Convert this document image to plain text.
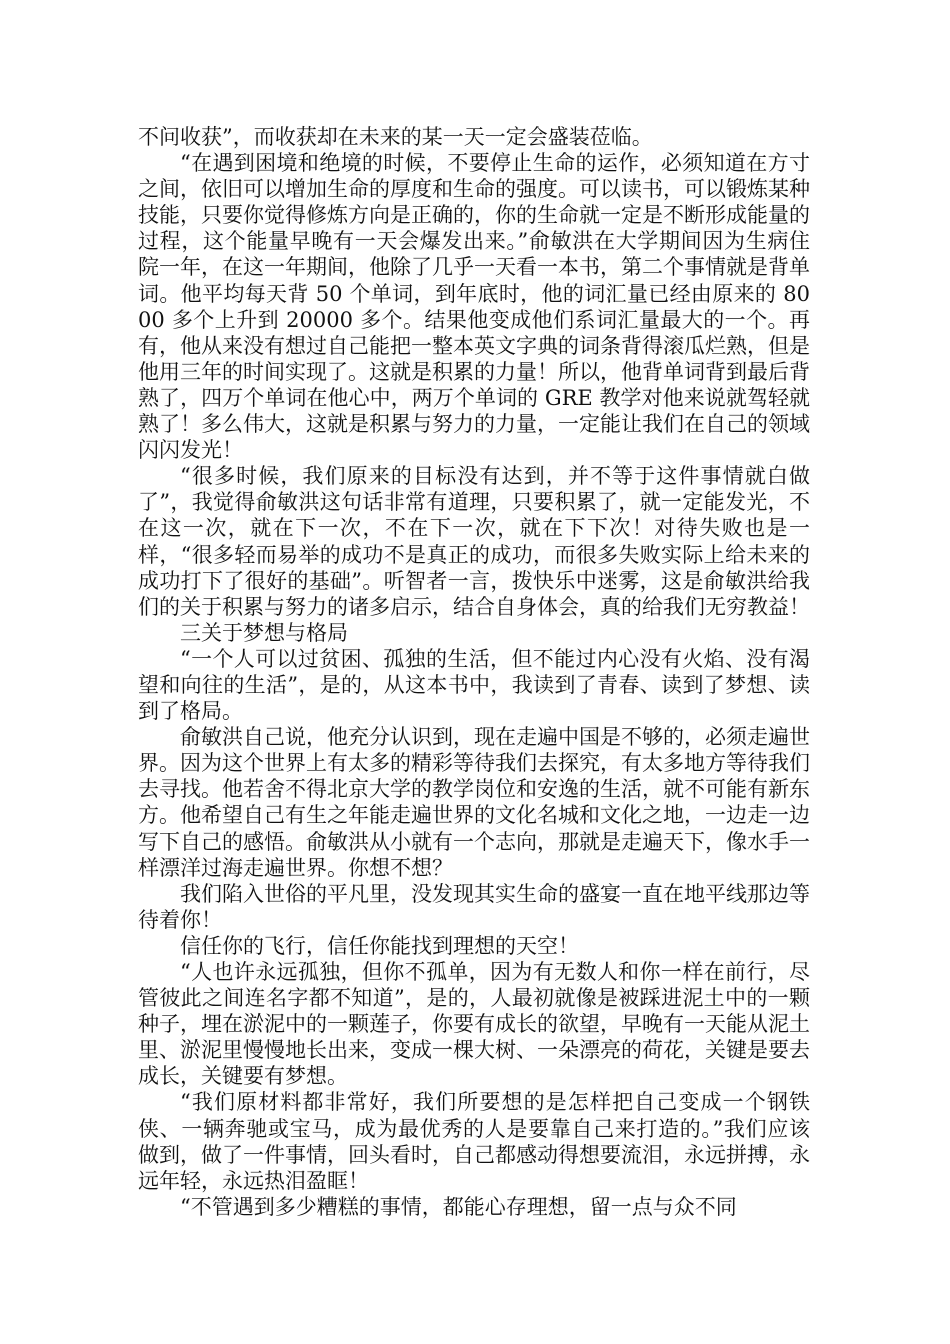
不问收获”，而收获却在未来的某一天一定会盛装莅临。

“在遇到困境和绝境的时候，不要停止生命的运作，必须知道在方寸之间，依旧可以增加生命的厚度和生命的强度。可以读书，可以锻炼某种技能，只要你觉得修炼方向是正确的，你的生命就一定是不断形成能量的过程，这个能量早晚有一天会爆发出来。”俞敏洪在大学期间因为生病住院一年，在这一年期间，他除了几乎一天看一本书，第二个事情就是背单词。他平均每天背 50 个单词，到年底时，他的词汇量已经由原来的 8000 多个上升到 20000 多个。结果他变成他们系词汇量最大的一个。再有，他从来没有想过自己能把一整本英文字典的词条背得滚瓜烂熟，但是他用三年的时间实现了。这就是积累的力量！所以，他背单词背到最后背熟了，四万个单词在他心中，两万个单词的 GRE 教学对他来说就驾轻就熟了！多么伟大，这就是积累与努力的力量，一定能让我们在自己的领域闪闪发光！

“很多时候，我们原来的目标没有达到，并不等于这件事情就白做了”，我觉得俞敏洪这句话非常有道理，只要积累了，就一定能发光，不在这一次，就在下一次，不在下一次，就在下下次！对待失败也是一样，“很多轻而易举的成功不是真正的成功，而很多失败实际上给未来的成功打下了很好的基础”。听智者一言，拨快乐中迷雾，这是俞敏洪给我们的关于积累与努力的诸多启示，结合自身体会，真的给我们无穷教益！

三关于梦想与格局

“一个人可以过贫困、孤独的生活，但不能过内心没有火焰、没有渴望和向往的生活”，是的，从这本书中，我读到了青春、读到了梦想、读到了格局。

俞敏洪自己说，他充分认识到，现在走遍中国是不够的，必须走遍世界。因为这个世界上有太多的精彩等待我们去探究，有太多地方等待我们去寻找。他若舍不得北京大学的教学岗位和安逸的生活，就不可能有新东方。他希望自己有生之年能走遍世界的文化名城和文化之地，一边走一边写下自己的感悟。俞敏洪从小就有一个志向，那就是走遍天下，像水手一样漂洋过海走遍世界。你想不想？

我们陷入世俗的平凡里，没发现其实生命的盛宴一直在地平线那边等待着你！

信任你的飞行，信任你能找到理想的天空！

“人也许永远孤独，但你不孤单，因为有无数人和你一样在前行，尽管彼此之间连名字都不知道”，是的，人最初就像是被踩进泥土中的一颗种子，埋在淤泥中的一颗莲子，你要有成长的欲望，早晚有一天能从泥土里、淤泥里慢慢地长出来，变成一棵大树、一朵漂亮的荷花，关键是要去成长，关键要有梦想。

“我们原材料都非常好，我们所要想的是怎样把自己变成一个钢铁侠、一辆奔驰或宝马，成为最优秀的人是要靠自己来打造的。”我们应该做到，做了一件事情，回头看时，自己都感动得想要流泪，永远拼搏，永远年轻，永远热泪盈眶！

“不管遇到多少糟糕的事情，都能心存理想，留一点与众不同
